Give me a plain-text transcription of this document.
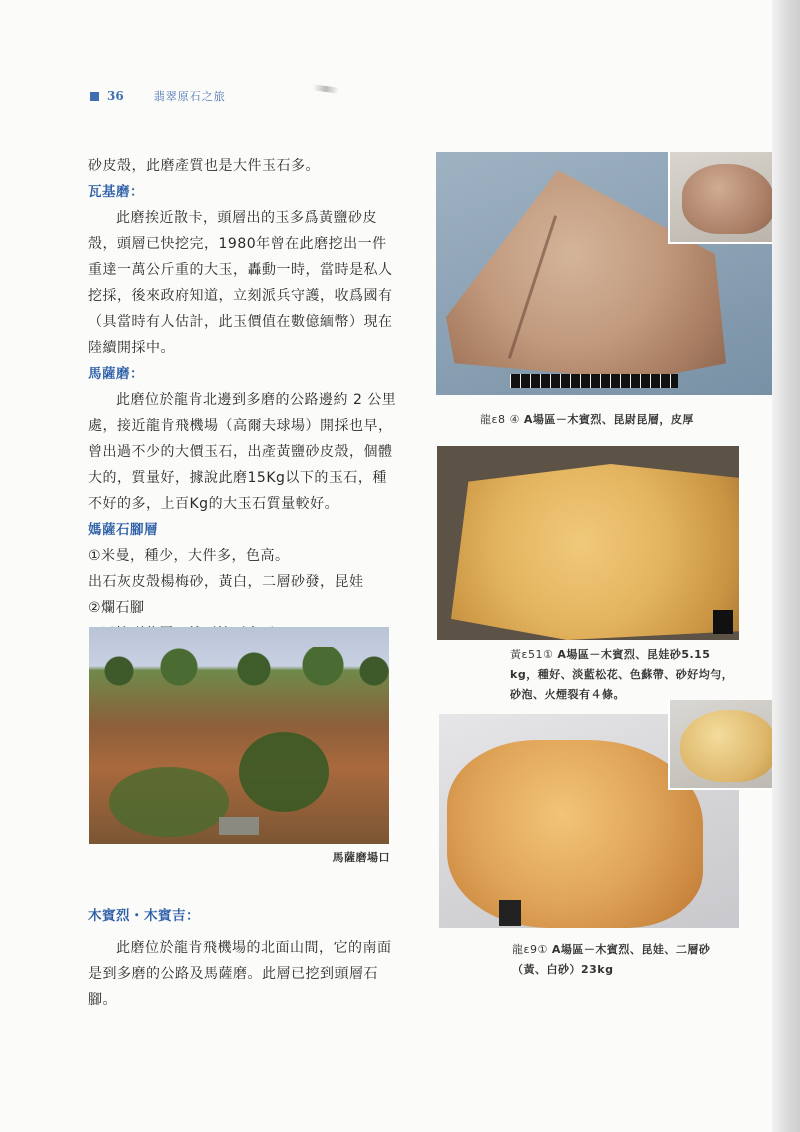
36	翡翠原石之旅

砂皮殼，此磨產質也是大件玉石多。

瓦基磨：

此磨挨近散卡，頭層出的玉多爲黃鹽砂皮殼，頭層已快挖完，1980年曾在此磨挖出一件重達一萬公斤重的大玉，轟動一時，當時是私人挖採，後來政府知道，立刻派兵守護，收爲國有（具當時有人估計，此玉價值在數億緬幣）現在陸續開採中。

馬薩磨：

此磨位於龍肯北邊到多磨的公路邊約 2 公里處，接近龍肯飛機場（高爾夫球場）開採也早，曾出過不少的大價玉石，出產黃鹽砂皮殼，個體大的，質量好，據說此磨15Kg以下的玉石，種不好的多，上百Kg的大玉石質量較好。

媽薩石腳層

①米曼，種少，大件多，色高。

出石灰皮殼楊梅砂，黃白，二層砂發，昆娃

②爛石腳

馬薩磨場口

木賓烈・木賓吉：

此磨位於龍肯飛機場的北面山間，它的南面是到多磨的公路及馬薩磨。此層已挖到頭層石腳。

龍ε8 ④ A場區－木賓烈、昆尉昆層，皮厚
黃ε51① A場區－木賓烈、昆娃砂5.15 kg，種好、淡藍松花、色蘇帶、砂好均勻，砂泡、火煙裂有４條。
龍ε9① A場區－木賓烈、昆娃、二層砂（黃、白砂）23kg
